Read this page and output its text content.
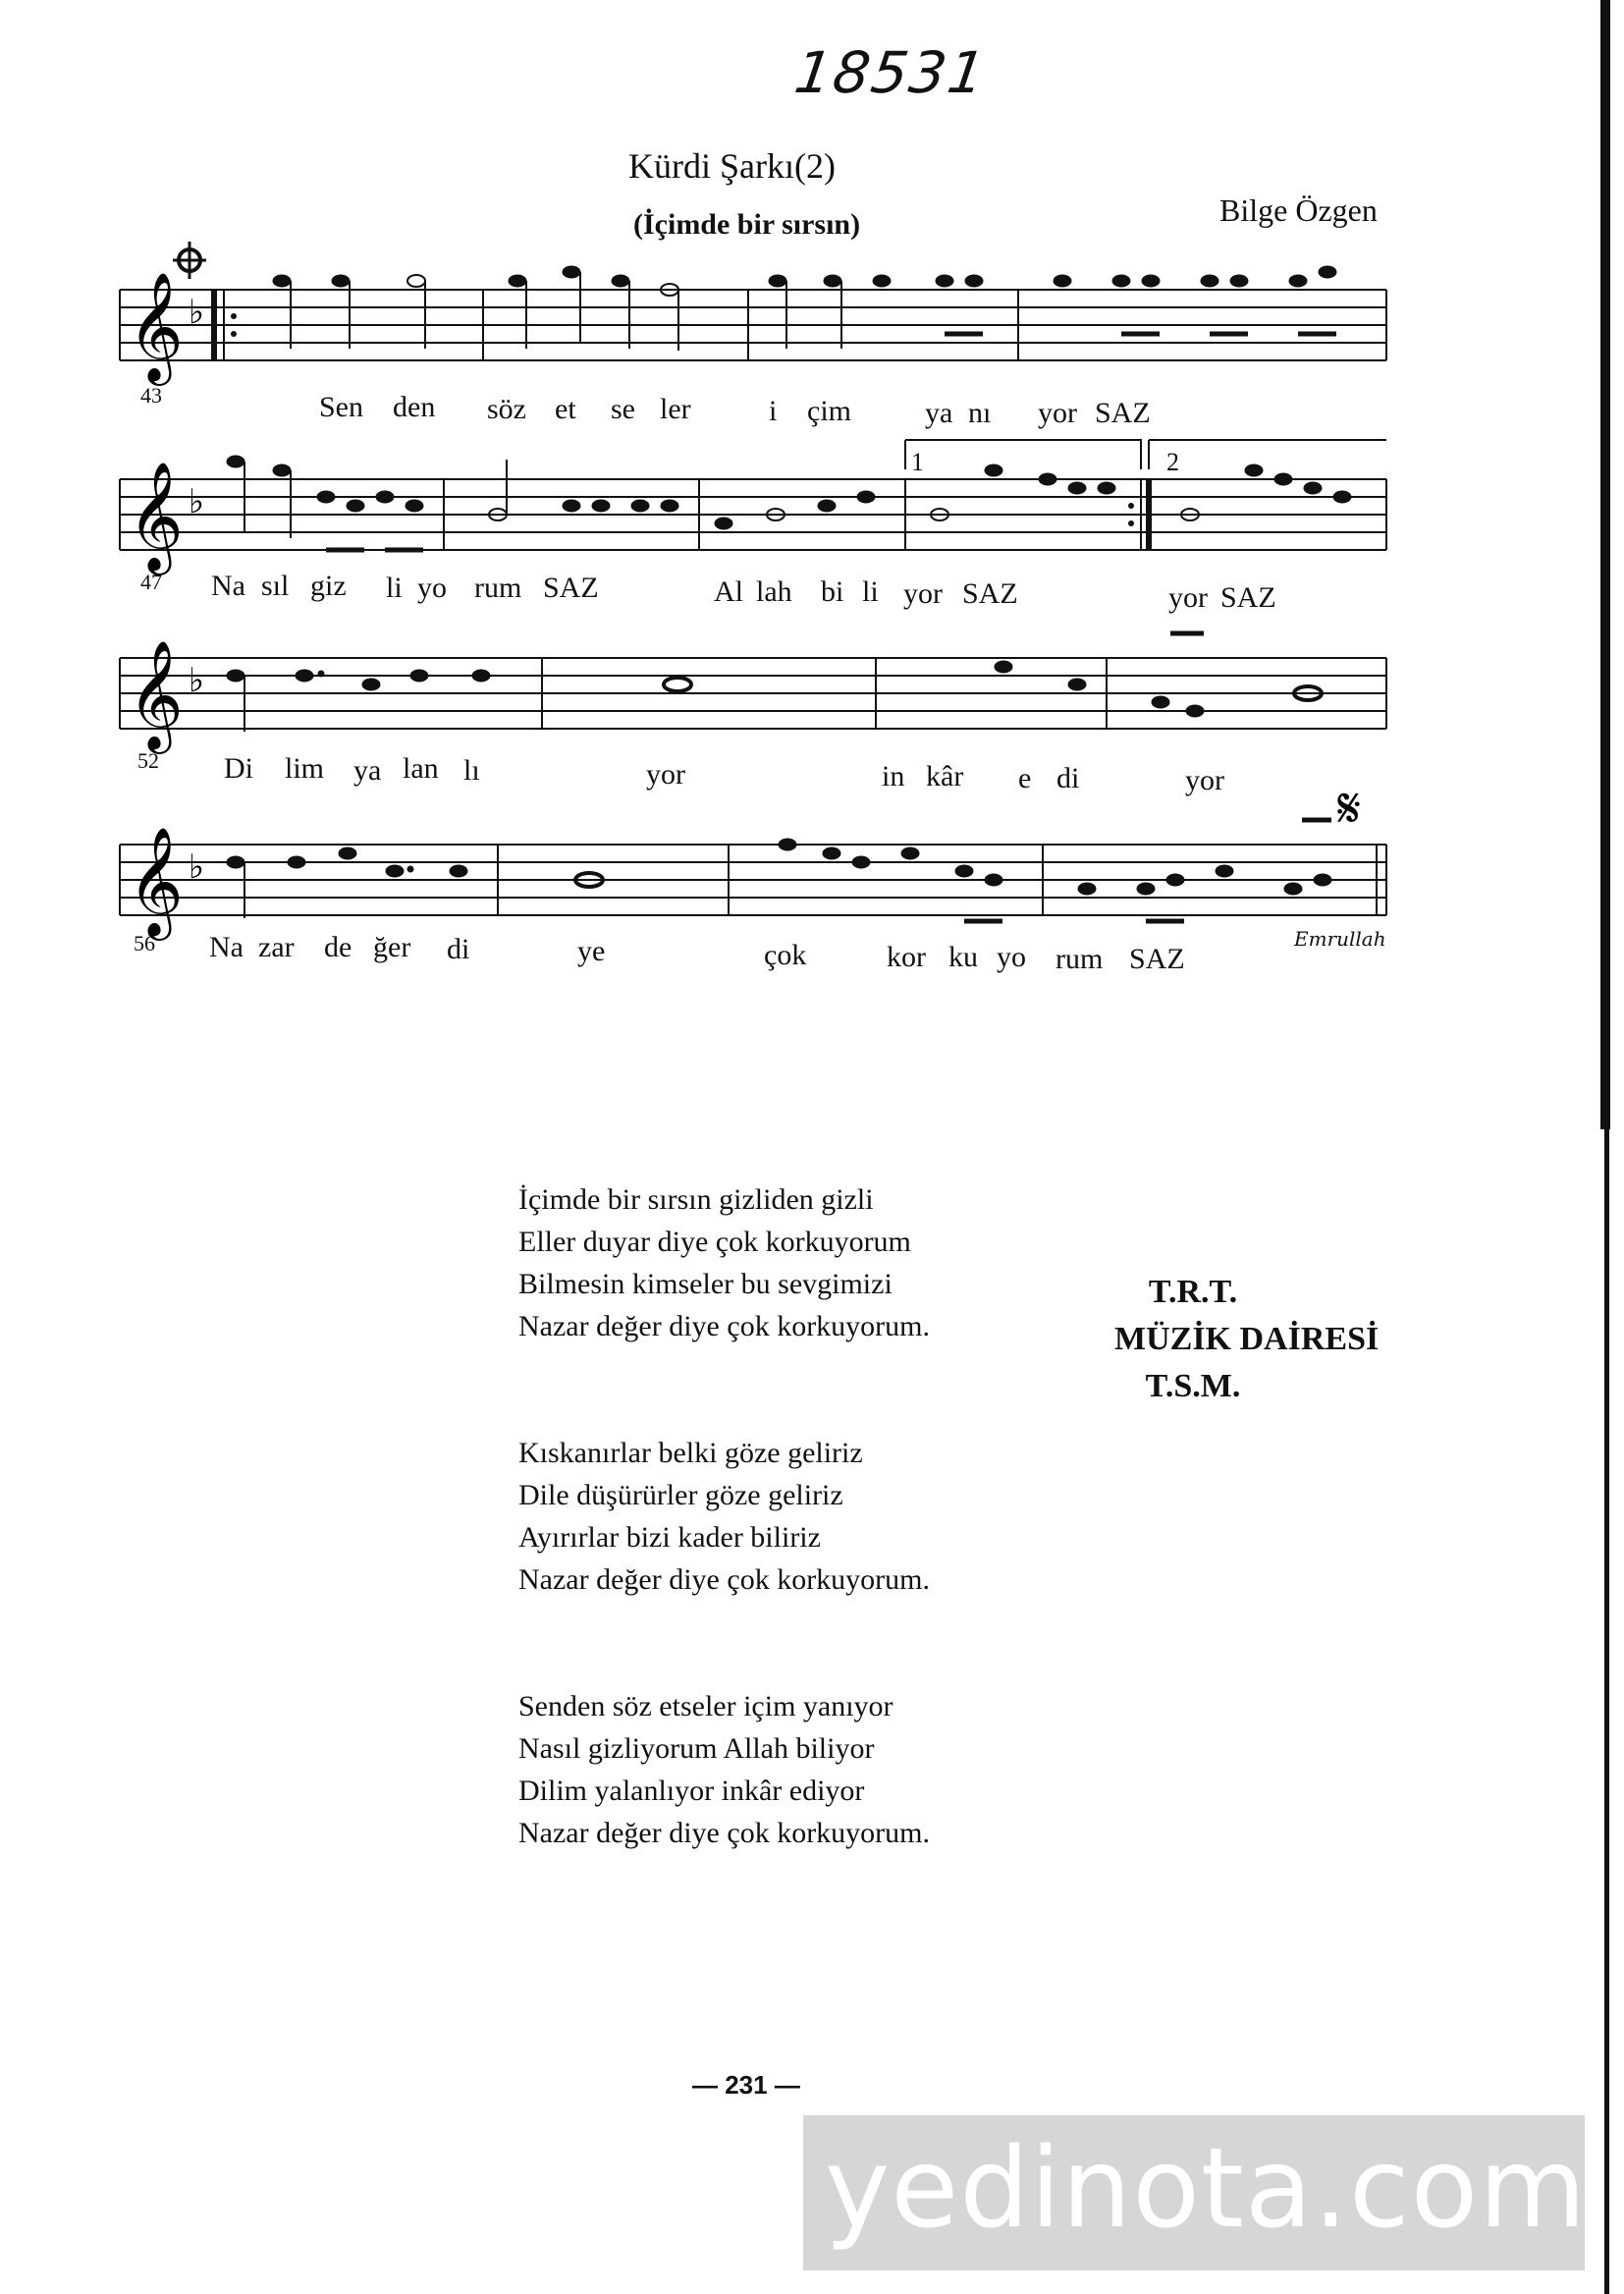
18531
Kürdi Şarkı(2)
(İçimde bir sırsın)	Bilge Özgen
𝄞 ♭
𝄞 ♭
𝄞 ♭
𝄋
𝄞 ♭
1	2
43
47
52
56
Sen den söz et se ler	i çim	ya nı yor SAZ
Na sıl giz li yo rum SAZ	Al lah bi li yor SAZ	yor SAZ
Di lim ya lan lı	yor	in kâr e di	yor
Na zar de ğer di	ye	çok	kor ku yo rum SAZ
Emrullah
İçimde bir sırsın gizliden gizli
Eller duyar diye çok korkuyorum
Bilmesin kimseler bu sevgimizi
Nazar değer diye çok korkuyorum.
Kıskanırlar belki göze geliriz
Dile düşürürler göze geliriz
Ayırırlar bizi kader biliriz
Nazar değer diye çok korkuyorum.
Senden söz etseler içim yanıyor
Nasıl gizliyorum Allah biliyor
Dilim yalanlıyor inkâr ediyor
Nazar değer diye çok korkuyorum.
T.R.T.
MÜZİK DAİRESİ
T.S.M.
— 231 —
yedinota.com
